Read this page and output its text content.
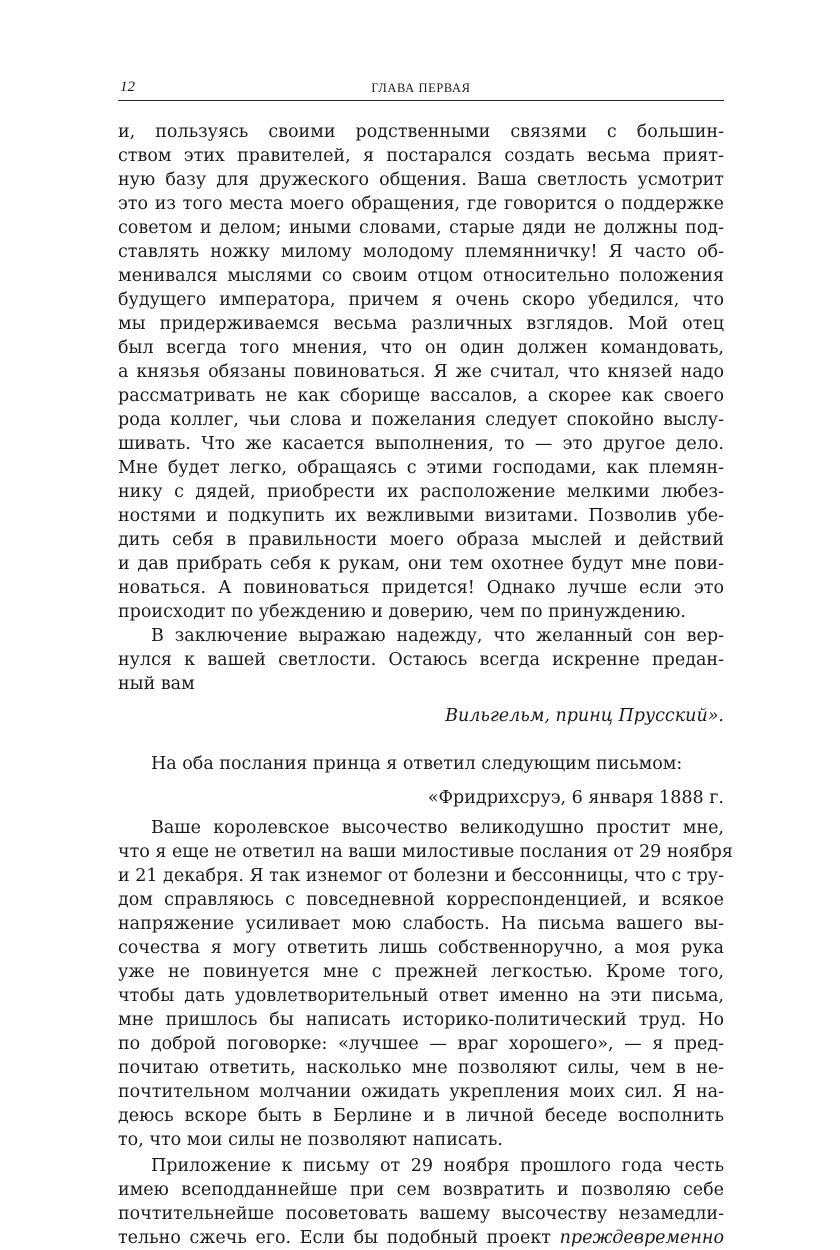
12	ГЛАВА ПЕРВАЯ
и, пользуясь своими родственными связями с большин-
ством этих правителей, я постарался создать весьма прият-
ную базу для дружеского общения. Ваша светлость усмотрит
это из того места моего обращения, где говорится о поддержке
советом и делом; иными словами, старые дяди не должны под-
ставлять ножку милому молодому племянничку! Я часто об-
менивался мыслями со своим отцом относительно положения
будущего императора, причем я очень скоро убедился, что
мы придерживаемся весьма различных взглядов. Мой отец
был всегда того мнения, что он один должен командовать,
а князья обязаны повиноваться. Я же считал, что князей надо
рассматривать не как сборище вассалов, а скорее как своего
рода коллег, чьи слова и пожелания следует спокойно выслу-
шивать. Что же касается выполнения, то — это другое дело.
Мне будет легко, обращаясь с этими господами, как племян-
нику с дядей, приобрести их расположение мелкими любез-
ностями и подкупить их вежливыми визитами. Позволив убе-
дить себя в правильности моего образа мыслей и действий
и дав прибрать себя к рукам, они тем охотнее будут мне пови-
новаться. А повиноваться придется! Однако лучше если это
происходит по убеждению и доверию, чем по принуждению.
В заключение выражаю надежду, что желанный сон вер-
нулся к вашей светлости. Остаюсь всегда искренне предан-
ный вам
Вильгельм, принц Прусский».
На оба послания принца я ответил следующим письмом:
«Фридрихсруэ, 6 января 1888 г.
Ваше королевское высочество великодушно простит мне,
что я еще не ответил на ваши милостивые послания от 29 ноября
и 21 декабря. Я так изнемог от болезни и бессонницы, что с тру-
дом справляюсь с повседневной корреспонденцией, и всякое
напряжение усиливает мою слабость. На письма вашего вы-
сочества я могу ответить лишь собственноручно, а моя рука
уже не повинуется мне с прежней легкостью. Кроме того,
чтобы дать удовлетворительный ответ именно на эти письма,
мне пришлось бы написать историко-политический труд. Но
по доброй поговорке: «лучшее — враг хорошего», — я пред-
почитаю ответить, насколько мне позволяют силы, чем в не-
почтительном молчании ожидать укрепления моих сил. Я на-
деюсь вскоре быть в Берлине и в личной беседе восполнить
то, что мои силы не позволяют написать.
Приложение к письму от 29 ноября прошлого года честь
имею всеподданнейше при сем возвратить и позволяю себе
почтительнейше посоветовать вашему высочеству незамедли-
тельно сжечь его. Если бы подобный проект преждевременно
